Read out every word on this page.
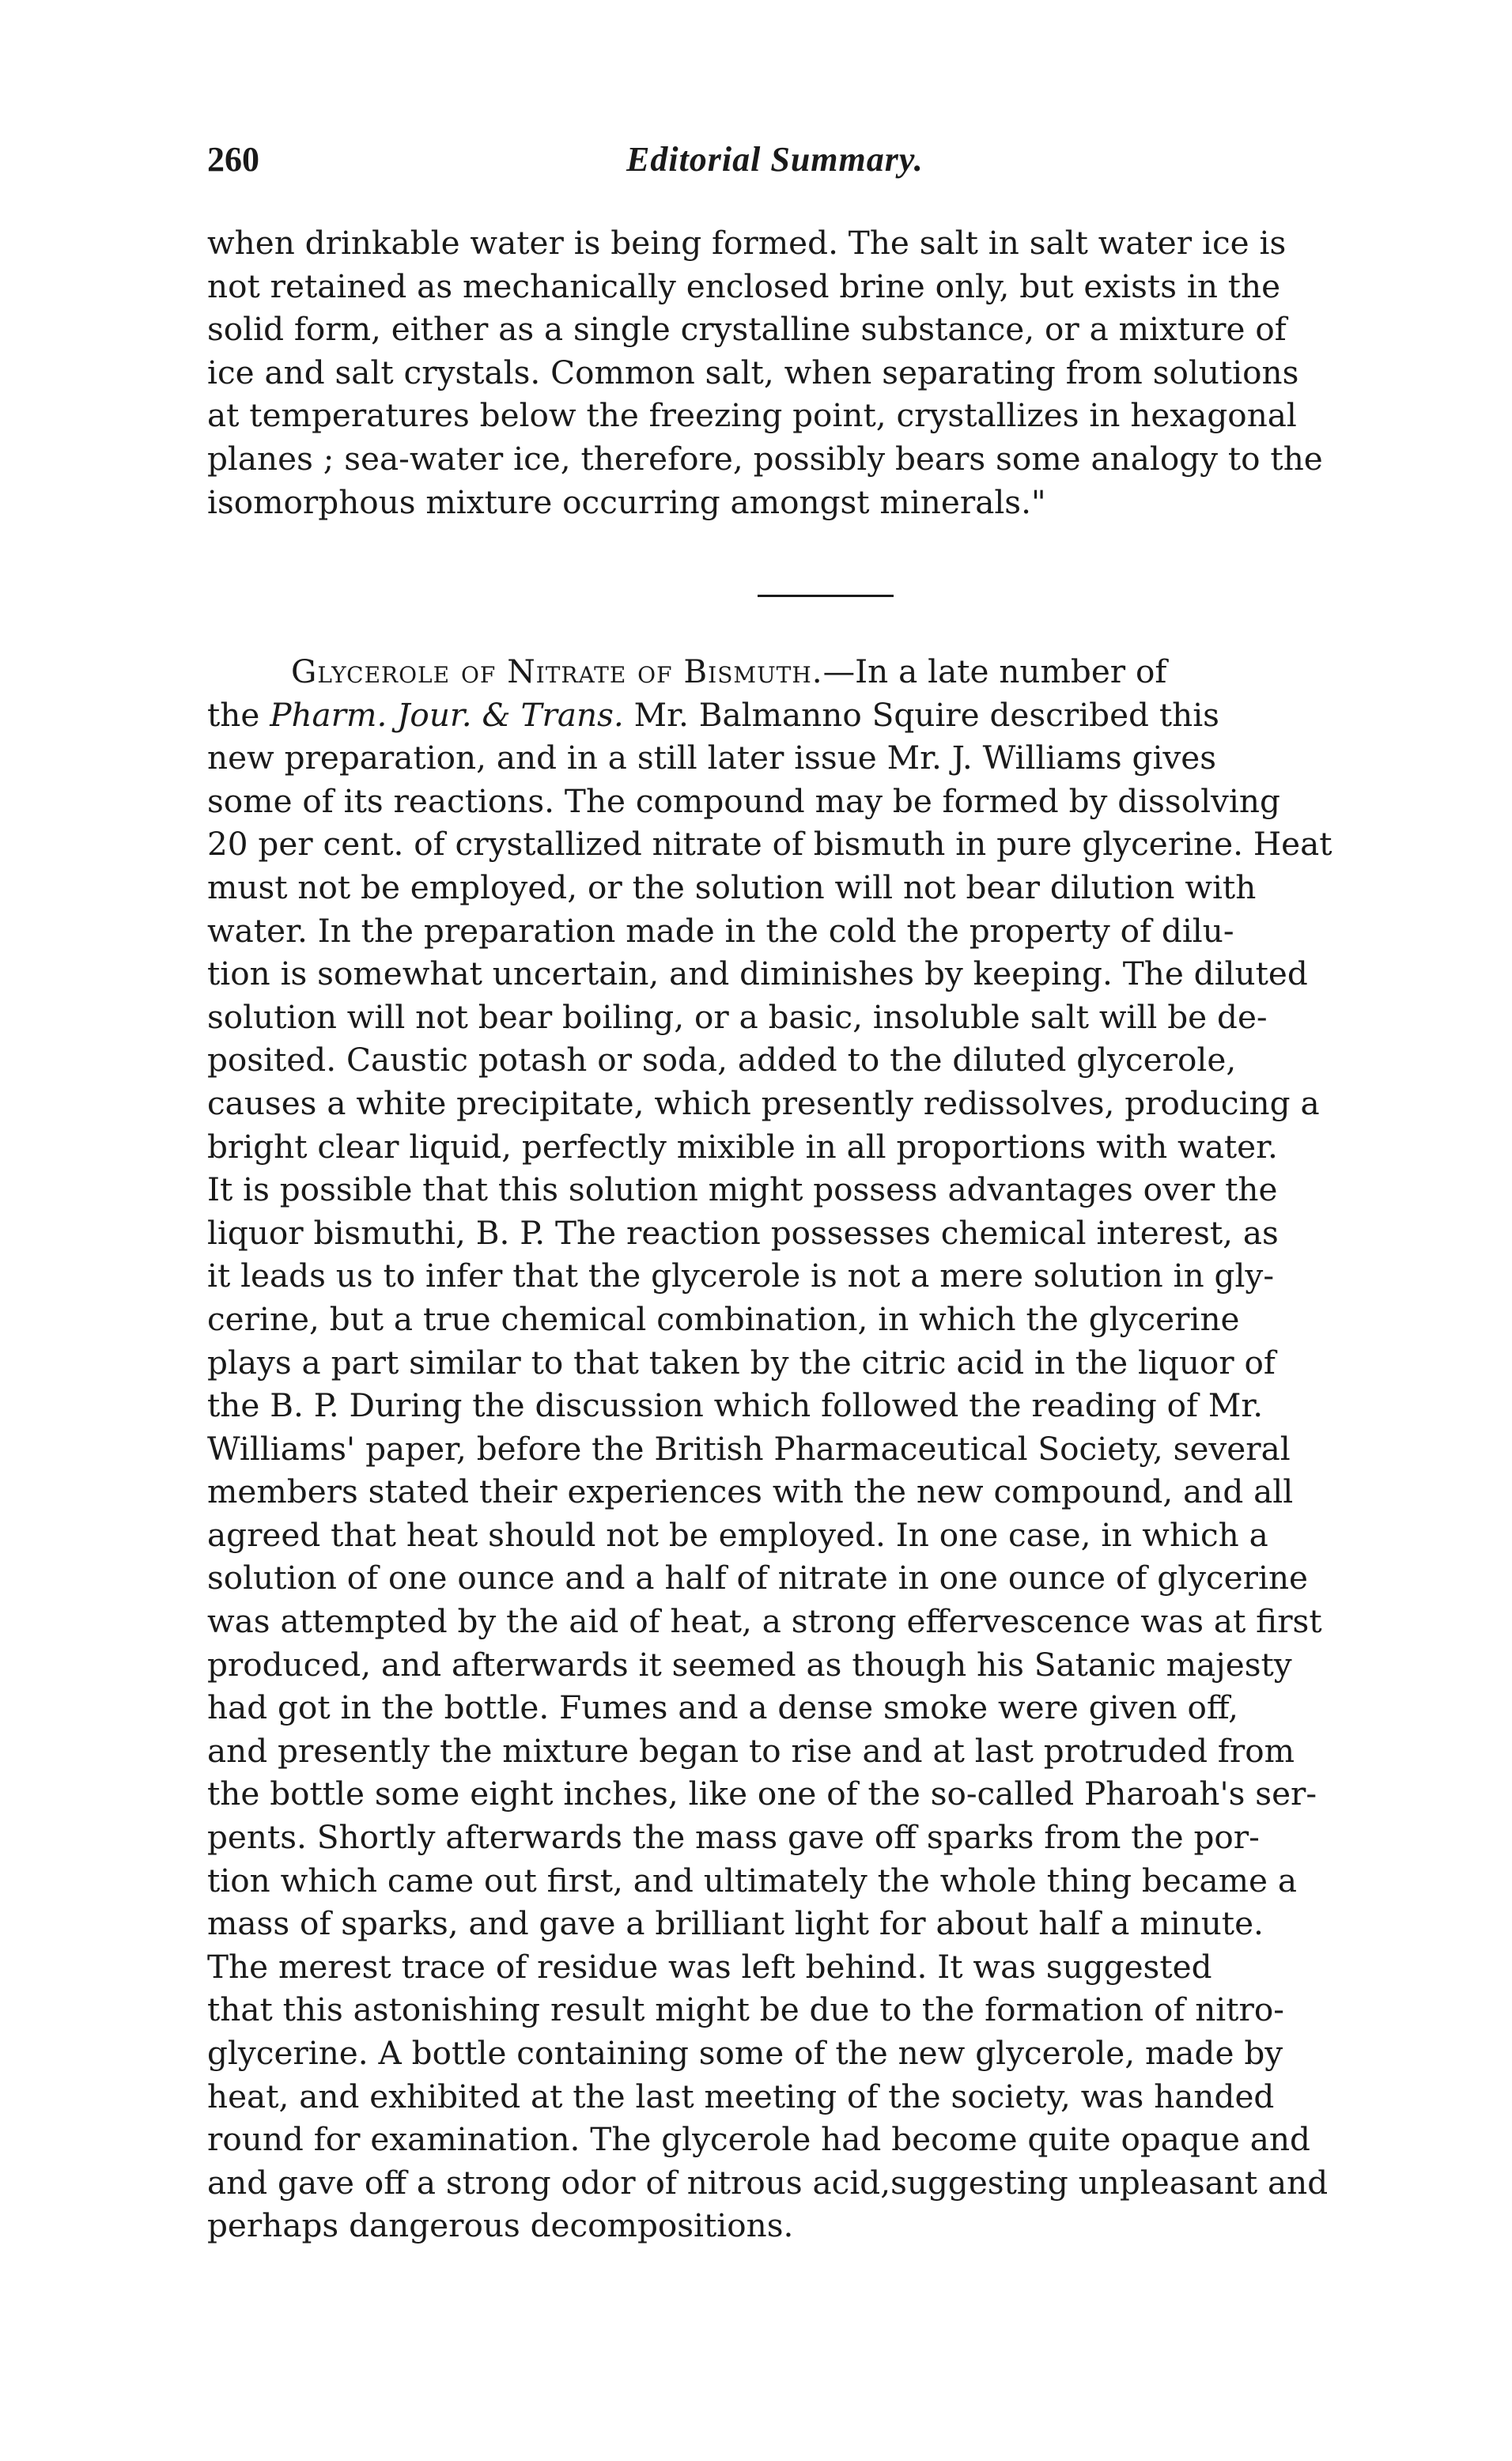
260	Editorial Summary.
when drinkable water is being formed. The salt in salt water ice is
not retained as mechanically enclosed brine only, but exists in the
solid form, either as a single crystalline substance, or a mixture of
ice and salt crystals. Common salt, when separating from solutions
at temperatures below the freezing point, crystallizes in hexagonal
planes ; sea-water ice, therefore, possibly bears some analogy to the
isomorphous mixture occurring amongst minerals."
Glycerole of Nitrate of Bismuth.—In a late number of
the Pharm. Jour. & Trans. Mr. Balmanno Squire described this
new preparation, and in a still later issue Mr. J. Williams gives
some of its reactions. The compound may be formed by dissolving
20 per cent. of crystallized nitrate of bismuth in pure glycerine. Heat
must not be employed, or the solution will not bear dilution with
water. In the preparation made in the cold the property of dilu-
tion is somewhat uncertain, and diminishes by keeping. The diluted
solution will not bear boiling, or a basic, insoluble salt will be de-
posited. Caustic potash or soda, added to the diluted glycerole,
causes a white precipitate, which presently redissolves, producing a
bright clear liquid, perfectly mixible in all proportions with water.
It is possible that this solution might possess advantages over the
liquor bismuthi, B. P. The reaction possesses chemical interest, as
it leads us to infer that the glycerole is not a mere solution in gly-
cerine, but a true chemical combination, in which the glycerine
plays a part similar to that taken by the citric acid in the liquor of
the B. P. During the discussion which followed the reading of Mr.
Williams' paper, before the British Pharmaceutical Society, several
members stated their experiences with the new compound, and all
agreed that heat should not be employed. In one case, in which a
solution of one ounce and a half of nitrate in one ounce of glycerine
was attempted by the aid of heat, a strong effervescence was at first
produced, and afterwards it seemed as though his Satanic majesty
had got in the bottle. Fumes and a dense smoke were given off,
and presently the mixture began to rise and at last protruded from
the bottle some eight inches, like one of the so-called Pharoah's ser-
pents. Shortly afterwards the mass gave off sparks from the por-
tion which came out first, and ultimately the whole thing became a
mass of sparks, and gave a brilliant light for about half a minute.
The merest trace of residue was left behind. It was suggested
that this astonishing result might be due to the formation of nitro-
glycerine. A bottle containing some of the new glycerole, made by
heat, and exhibited at the last meeting of the society, was handed
round for examination. The glycerole had become quite opaque and
and gave off a strong odor of nitrous acid,suggesting unpleasant and
perhaps dangerous decompositions.
